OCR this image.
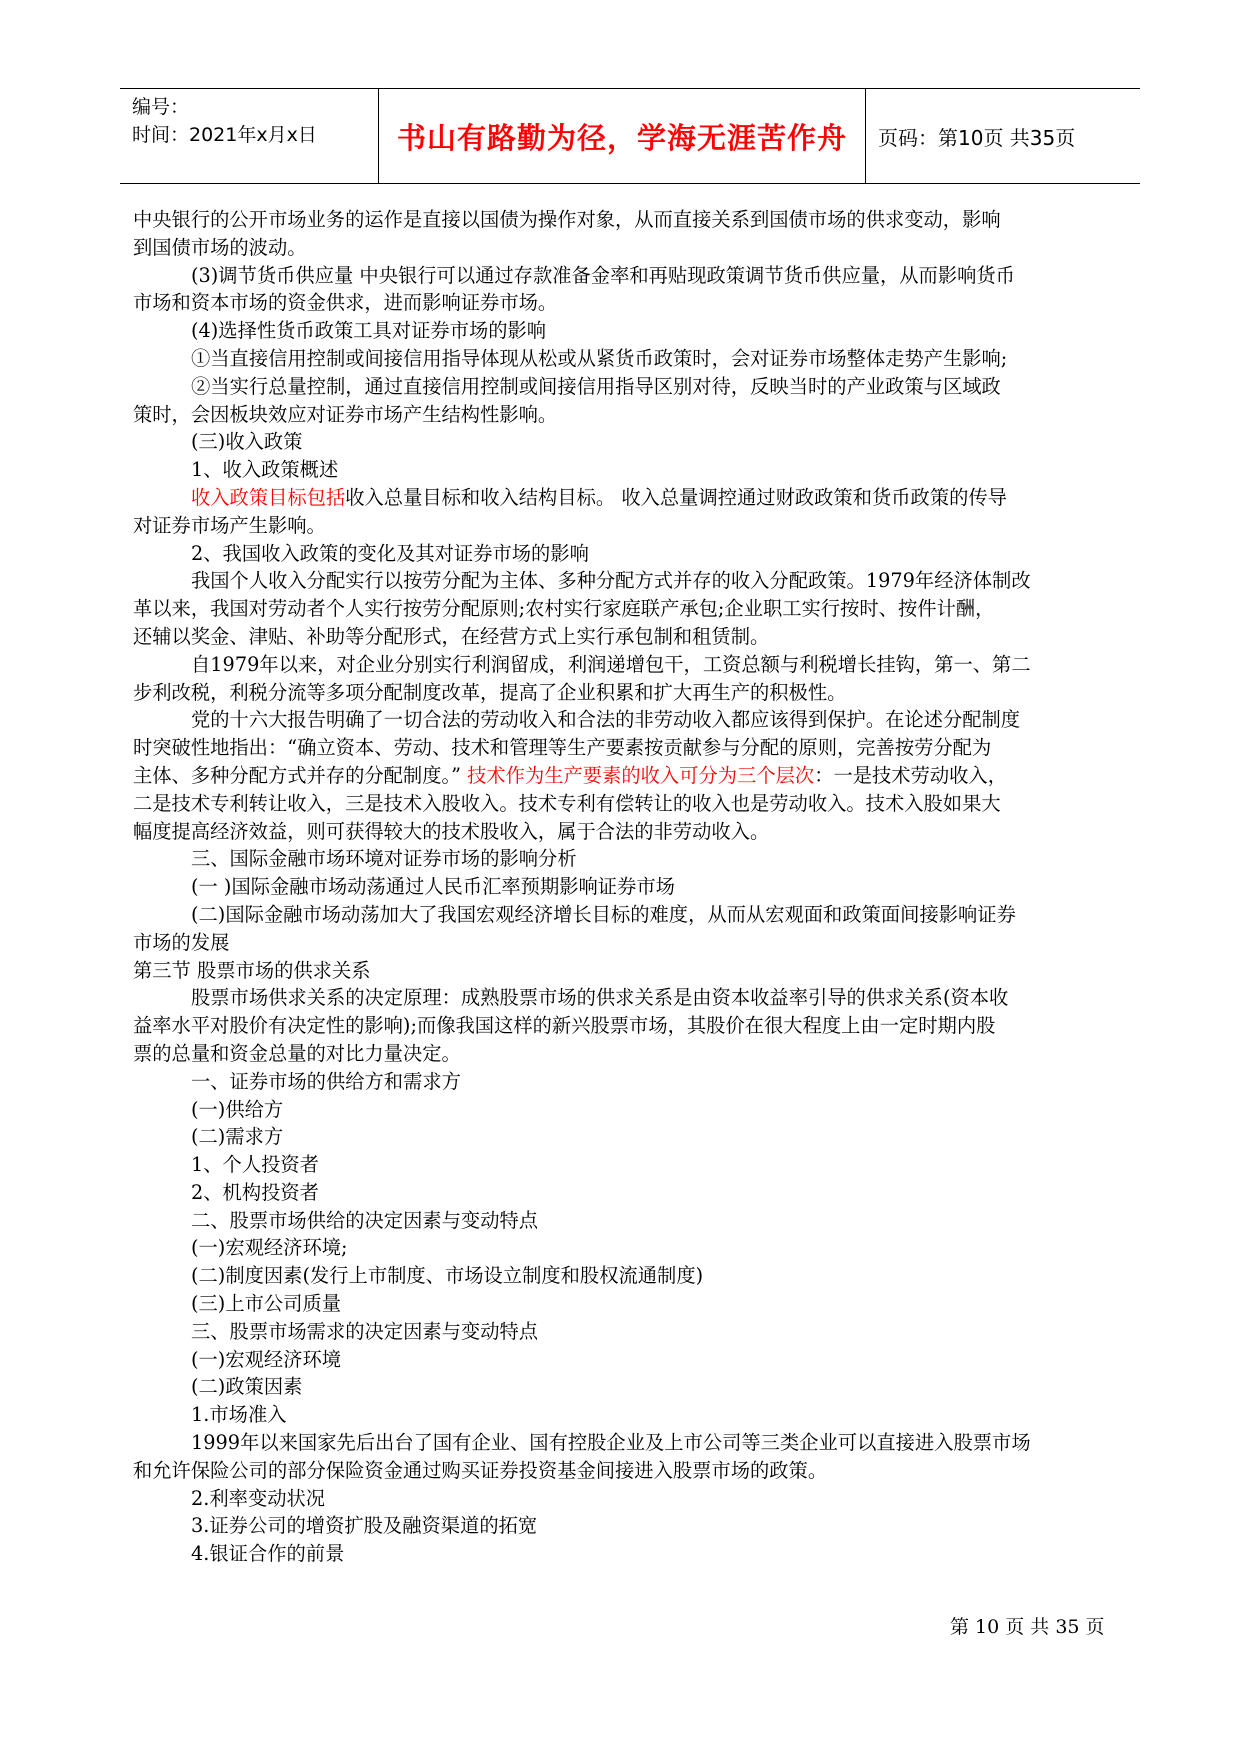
编号：
时间：2021年x月x日	书山有路勤为径，学海无涯苦作舟	页码：第10页 共35页

中央银行的公开市场业务的运作是直接以国债为操作对象，从而直接关系到国债市场的供求变动，影响

到国债市场的波动。

(3)调节货币供应量 中央银行可以通过存款准备金率和再贴现政策调节货币供应量，从而影响货币

市场和资本市场的资金供求，进而影响证券市场。

(4)选择性货币政策工具对证券市场的影响

①当直接信用控制或间接信用指导体现从松或从紧货币政策时，会对证券市场整体走势产生影响;

②当实行总量控制，通过直接信用控制或间接信用指导区别对待，反映当时的产业政策与区域政

策时，会因板块效应对证券市场产生结构性影响。

(三)收入政策

1、收入政策概述

收入政策目标包括收入总量目标和收入结构目标。 收入总量调控通过财政政策和货币政策的传导

对证券市场产生影响。

2、我国收入政策的变化及其对证券市场的影响

我国个人收入分配实行以按劳分配为主体、多种分配方式并存的收入分配政策。1979年经济体制改

革以来，我国对劳动者个人实行按劳分配原则;农村实行家庭联产承包;企业职工实行按时、按件计酬，

还辅以奖金、津贴、补助等分配形式，在经营方式上实行承包制和租赁制。

自1979年以来，对企业分别实行利润留成，利润递增包干，工资总额与利税增长挂钩，第一、第二

步利改税，利税分流等多项分配制度改革，提高了企业积累和扩大再生产的积极性。

党的十六大报告明确了一切合法的劳动收入和合法的非劳动收入都应该得到保护。在论述分配制度

时突破性地指出：“确立资本、劳动、技术和管理等生产要素按贡献参与分配的原则，完善按劳分配为

主体、多种分配方式并存的分配制度。” 技术作为生产要素的收入可分为三个层次：一是技术劳动收入，

二是技术专利转让收入，三是技术入股收入。技术专利有偿转让的收入也是劳动收入。技术入股如果大

幅度提高经济效益，则可获得较大的技术股收入，属于合法的非劳动收入。

三、国际金融市场环境对证券市场的影响分析

(一 )国际金融市场动荡通过人民币汇率预期影响证券市场

(二)国际金融市场动荡加大了我国宏观经济增长目标的难度，从而从宏观面和政策面间接影响证券

市场的发展

第三节 股票市场的供求关系

股票市场供求关系的决定原理：成熟股票市场的供求关系是由资本收益率引导的供求关系(资本收

益率水平对股价有决定性的影响);而像我国这样的新兴股票市场，其股价在很大程度上由一定时期内股

票的总量和资金总量的对比力量决定。

一、证券市场的供给方和需求方

(一)供给方

(二)需求方

1、个人投资者

2、机构投资者

二、股票市场供给的决定因素与变动特点

(一)宏观经济环境;

(二)制度因素(发行上市制度、市场设立制度和股权流通制度)

(三)上市公司质量

三、股票市场需求的决定因素与变动特点

(一)宏观经济环境

(二)政策因素

1.市场准入

1999年以来国家先后出台了国有企业、国有控股企业及上市公司等三类企业可以直接进入股票市场

和允许保险公司的部分保险资金通过购买证券投资基金间接进入股票市场的政策。

2.利率变动状况

3.证券公司的增资扩股及融资渠道的拓宽

4.银证合作的前景

第 10 页 共 35 页
